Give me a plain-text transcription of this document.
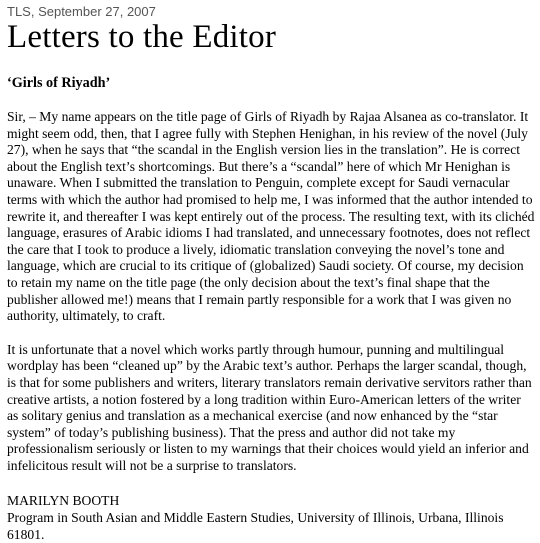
TLS, September 27, 2007

Letters to the Editor

‘Girls of Riyadh’

Sir, – My name appears on the title page of Girls of Riyadh by Rajaa Alsanea as co-translator. It might seem odd, then, that I agree fully with Stephen Henighan, in his review of the novel (July 27), when he says that “the scandal in the English version lies in the translation”. He is correct about the English text’s shortcomings. But there’s a “scandal” here of which Mr Henighan is unaware. When I submitted the translation to Penguin, complete except for Saudi vernacular terms with which the author had promised to help me, I was informed that the author intended to rewrite it, and thereafter I was kept entirely out of the process. The resulting text, with its clichéd language, erasures of Arabic idioms I had translated, and unnecessary footnotes, does not reflect the care that I took to produce a lively, idiomatic translation conveying the novel’s tone and language, which are crucial to its critique of (globalized) Saudi society. Of course, my decision to retain my name on the title page (the only decision about the text’s final shape that the publisher allowed me!) means that I remain partly responsible for a work that I was given no authority, ultimately, to craft.

It is unfortunate that a novel which works partly through humour, punning and multilingual wordplay has been “cleaned up” by the Arabic text’s author. Perhaps the larger scandal, though, is that for some publishers and writers, literary translators remain derivative servitors rather than creative artists, a notion fostered by a long tradition within Euro-American letters of the writer as solitary genius and translation as a mechanical exercise (and now enhanced by the “star system” of today’s publishing business). That the press and author did not take my professionalism seriously or listen to my warnings that their choices would yield an inferior and infelicitous result will not be a surprise to translators.

MARILYN BOOTH
Program in South Asian and Middle Eastern Studies, University of Illinois, Urbana, Illinois 61801.
